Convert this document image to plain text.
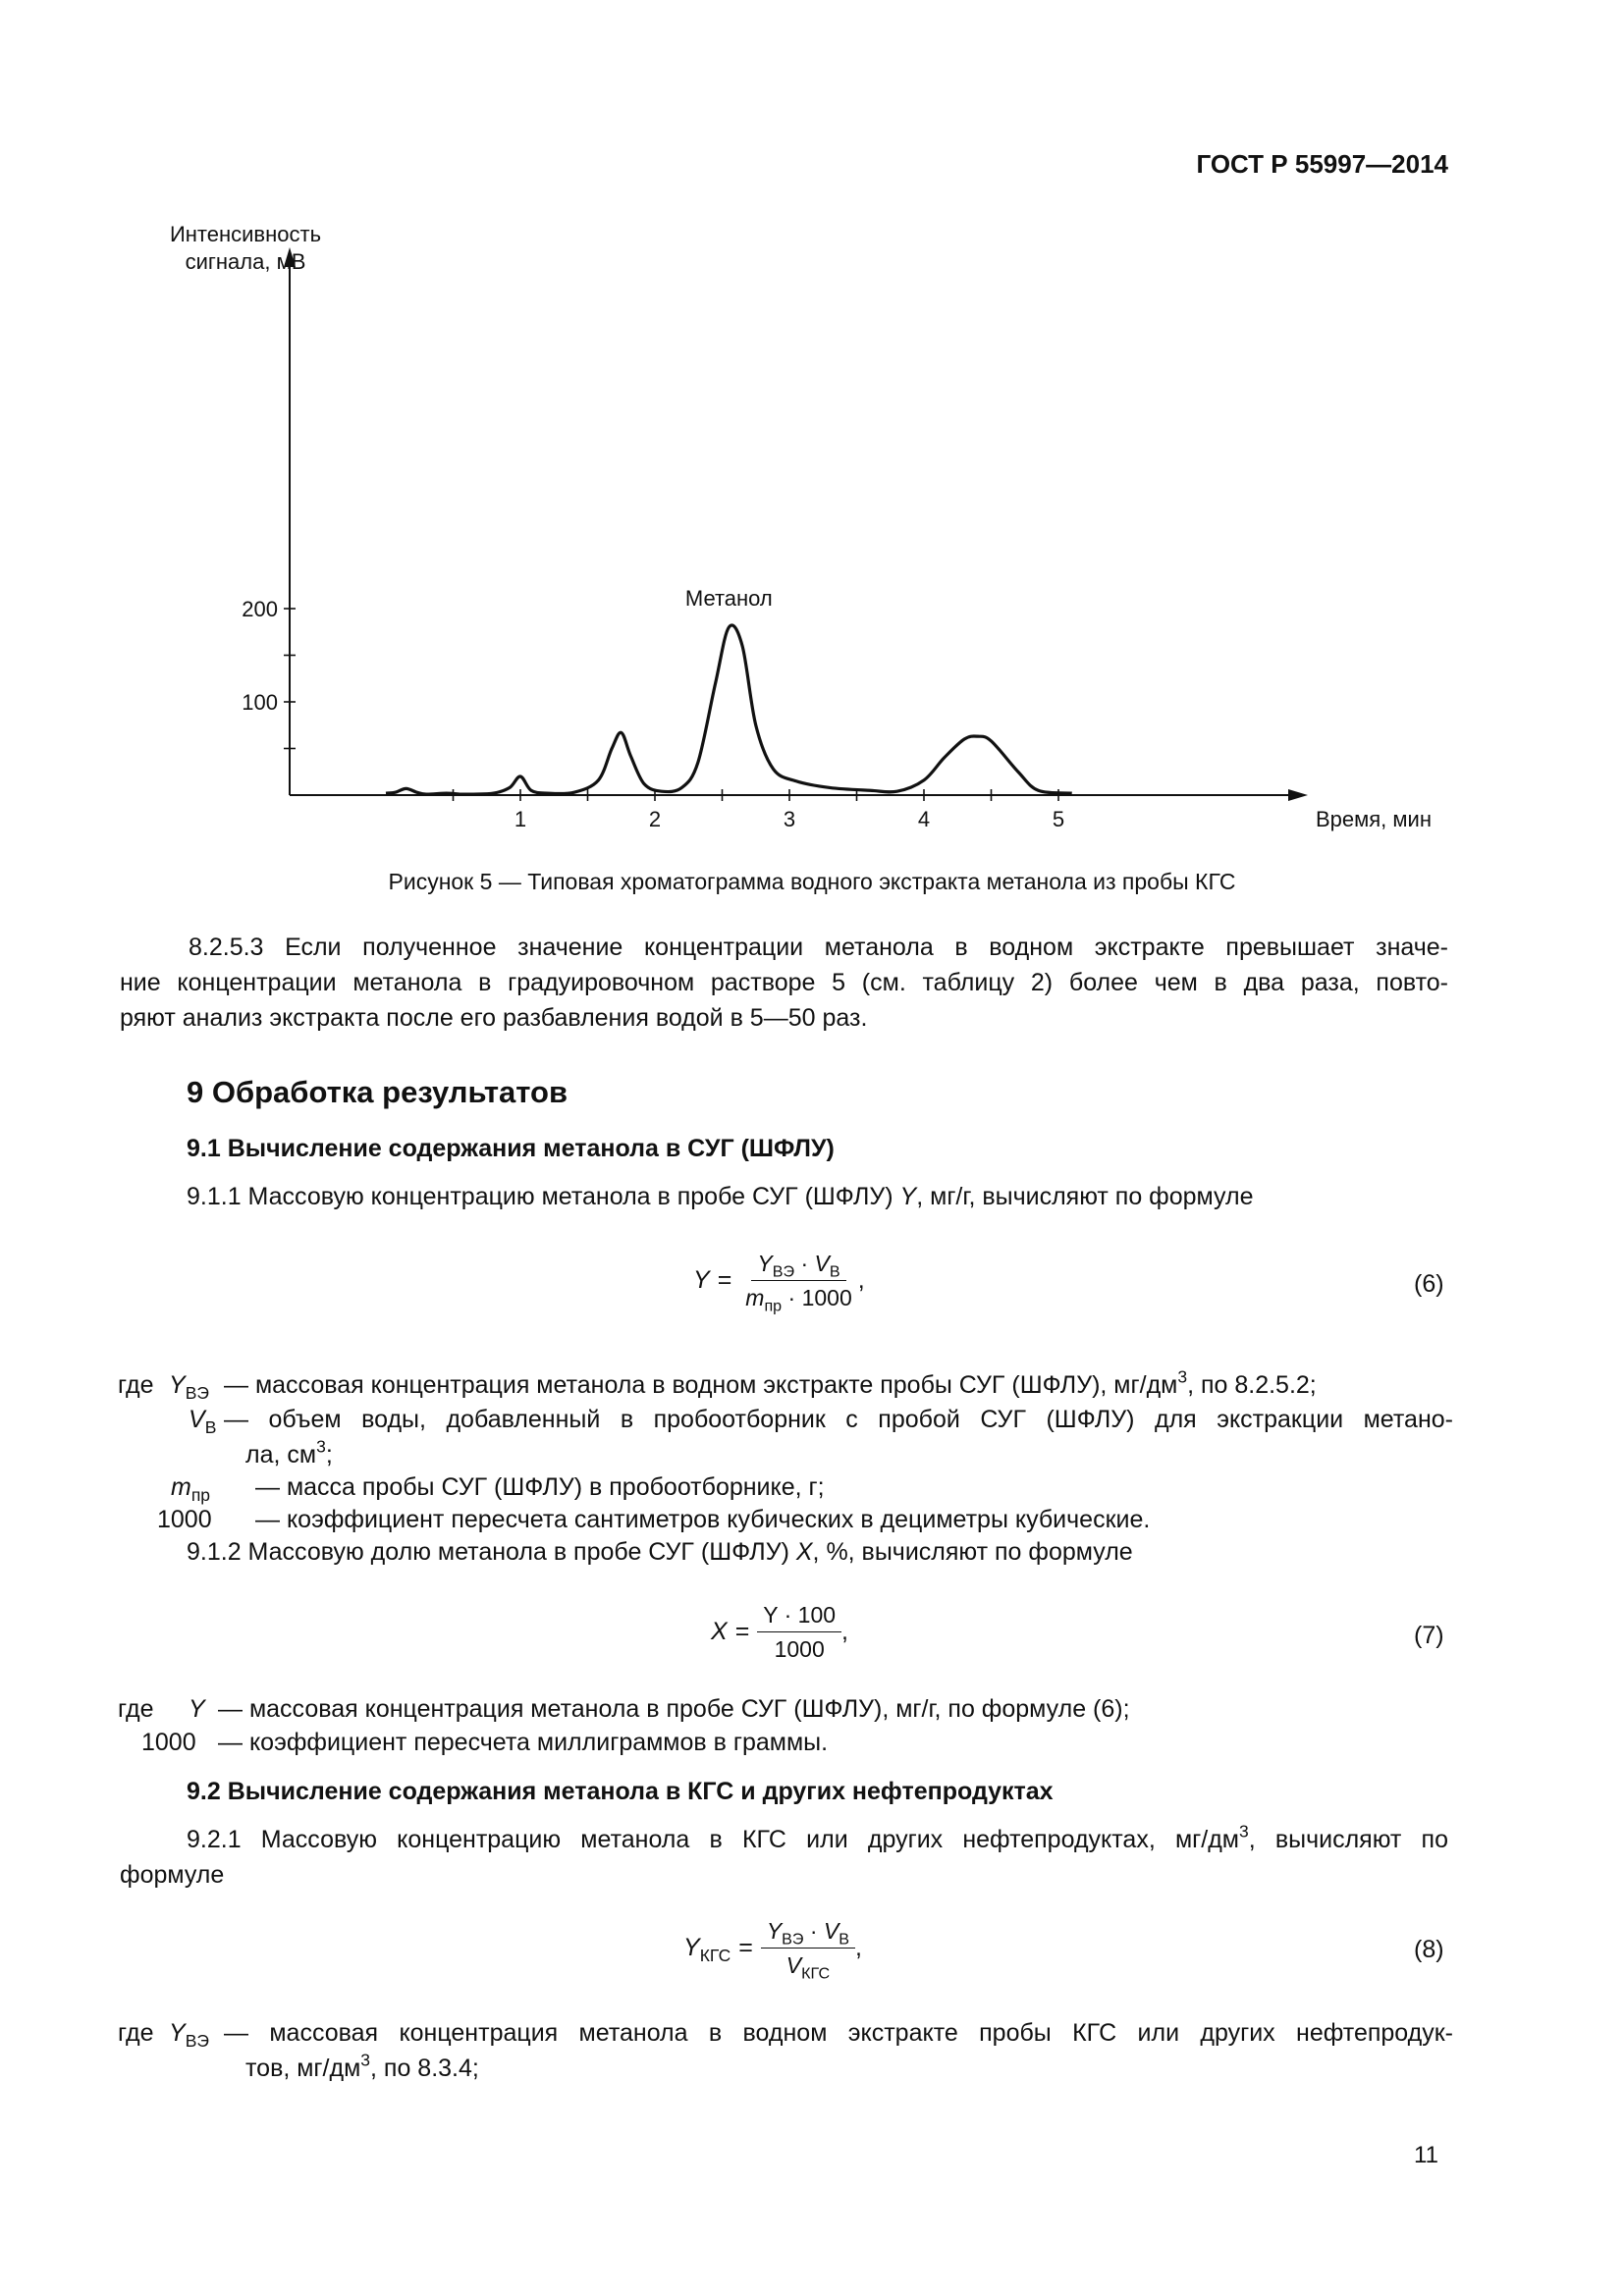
ГОСТ Р 55997—2014
1	2	3	4	5
100
200
Интенсивность
сигнала, мВ
Время, мин
Метанол
Рисунок 5 — Типовая хроматограмма водного экстракта метанола из пробы КГС
8.2.5.3 Если полученное значение концентрации метанола в водном экстракте превышает значе-
ние концентрации метанола в градуировочном растворе 5 (см. таблицу 2) более чем в два раза, повто-
ряют анализ экстракта после его разбавления водой в 5—50 раз.
9 Обработка результатов
9.1 Вычисление содержания метанола в СУГ (ШФЛУ)
9.1.1 Массовую концентрацию метанола в пробе СУГ (ШФЛУ) Y, мг/г, вычисляют по формуле
$Y = \frac{Y_{ВЭ} \cdot V_В}{m_{пр} \cdot 1000}$ ,	(6)
где $Y_{ВЭ}$ — массовая концентрация метанола в водном экстракте пробы СУГ (ШФЛУ), $мг/дм^3$, по 8.2.5.2;
$V_В$ — объем воды, добавленный в пробоотборник с пробой СУГ (ШФЛУ) для экстракции метано-
ла, $см^3$;
$m_{пр}$ — масса пробы СУГ (ШФЛУ) в пробоотборнике, г;
1000 — коэффициент пересчета сантиметров кубических в дециметры кубические.
9.1.2 Массовую долю метанола в пробе СУГ (ШФЛУ) X, %, вычисляют по формуле
$X = \frac{Y \cdot 100}{1000}$ ,	(7)
где Y — массовая концентрация метанола в пробе СУГ (ШФЛУ), мг/г, по формуле (6);
1000 — коэффициент пересчета миллиграммов в граммы.
9.2 Вычисление содержания метанола в КГС и других нефтепродуктах
9.2.1 Массовую концентрацию метанола в КГС или других нефтепродуктах, $мг/дм^3$, вычисляют по
формуле
$Y_{КГС} = \frac{Y_{ВЭ} \cdot V_В}{V_{КГС}}$ ,	(8)
где $Y_{ВЭ}$ — массовая концентрация метанола в водном экстракте пробы КГС или других нефтепродук-
тов, $мг/дм^3$, по 8.3.4;
11
